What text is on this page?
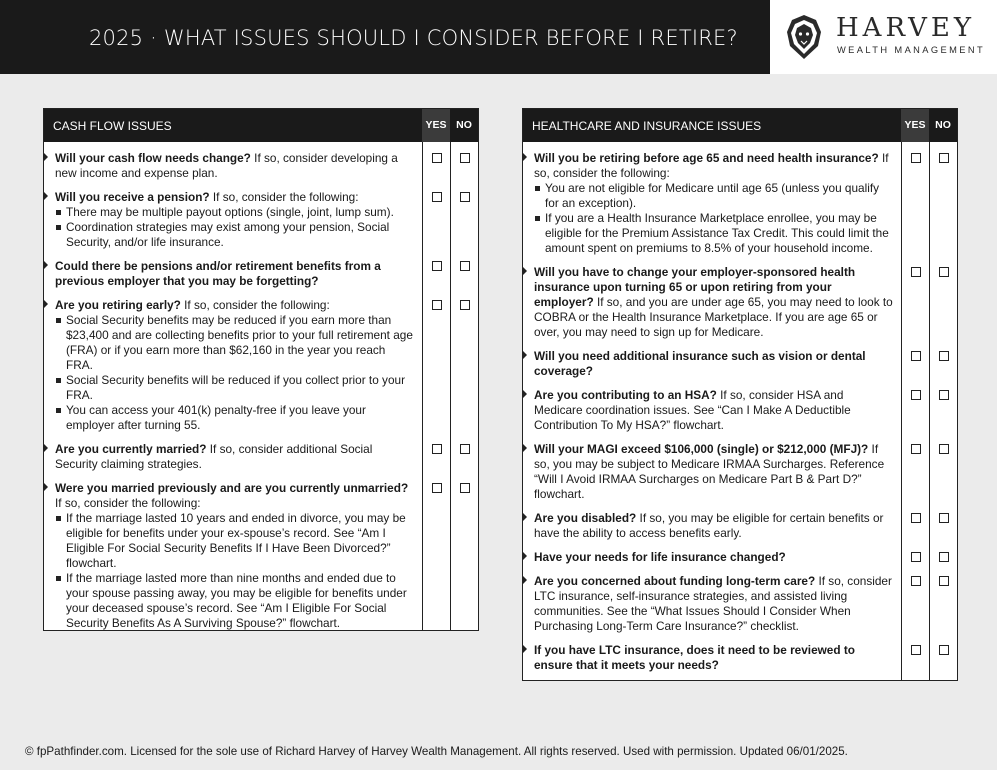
2025 · WHAT ISSUES SHOULD I CONSIDER BEFORE I RETIRE?	HARVEY
WEALTH MANAGEMENT
CASH FLOW ISSUES	YES NO
Will your cash flow needs change? If so, consider developing a new income and expense plan.
Will you receive a pension? If so, consider the following:
There may be multiple payout options (single, joint, lump sum).
Coordination strategies may exist among your pension, Social Security, and/or life insurance.
Could there be pensions and/or retirement benefits from a previous employer that you may be forgetting?
Are you retiring early? If so, consider the following:
Social Security benefits may be reduced if you earn more than $23,400 and are collecting benefits prior to your full retirement age (FRA) or if you earn more than $62,160 in the year you reach FRA.
Social Security benefits will be reduced if you collect prior to your FRA.
You can access your 401(k) penalty-free if you leave your employer after turning 55.
Are you currently married? If so, consider additional Social Security claiming strategies.
Were you married previously and are you currently unmarried? If so, consider the following:
If the marriage lasted 10 years and ended in divorce, you may be eligible for benefits under your ex-spouse’s record. See “Am I Eligible For Social Security Benefits If I Have Been Divorced?” flowchart.
If the marriage lasted more than nine months and ended due to your spouse passing away, you may be eligible for benefits under your deceased spouse’s record. See “Am I Eligible For Social Security Benefits As A Surviving Spouse?” flowchart.
HEALTHCARE AND INSURANCE ISSUES	YES NO
Will you be retiring before age 65 and need health insurance? If so, consider the following:
You are not eligible for Medicare until age 65 (unless you qualify for an exception).
If you are a Health Insurance Marketplace enrollee, you may be eligible for the Premium Assistance Tax Credit. This could limit the amount spent on premiums to 8.5% of your household income.
Will you have to change your employer-sponsored health insurance upon turning 65 or upon retiring from your employer? If so, and you are under age 65, you may need to look to COBRA or the Health Insurance Marketplace. If you are age 65 or over, you may need to sign up for Medicare.
Will you need additional insurance such as vision or dental coverage?
Are you contributing to an HSA? If so, consider HSA and Medicare coordination issues. See “Can I Make A Deductible Contribution To My HSA?” flowchart.
Will your MAGI exceed $106,000 (single) or $212,000 (MFJ)? If so, you may be subject to Medicare IRMAA Surcharges. Reference “Will I Avoid IRMAA Surcharges on Medicare Part B & Part D?” flowchart.
Are you disabled? If so, you may be eligible for certain benefits or have the ability to access benefits early.
Have your needs for life insurance changed?
Are you concerned about funding long-term care? If so, consider LTC insurance, self-insurance strategies, and assisted living communities. See the “What Issues Should I Consider When Purchasing Long-Term Care Insurance?” checklist.
If you have LTC insurance, does it need to be reviewed to ensure that it meets your needs?
© fpPathfinder.com. Licensed for the sole use of Richard Harvey of Harvey Wealth Management. All rights reserved. Used with permission. Updated 06/01/2025.
